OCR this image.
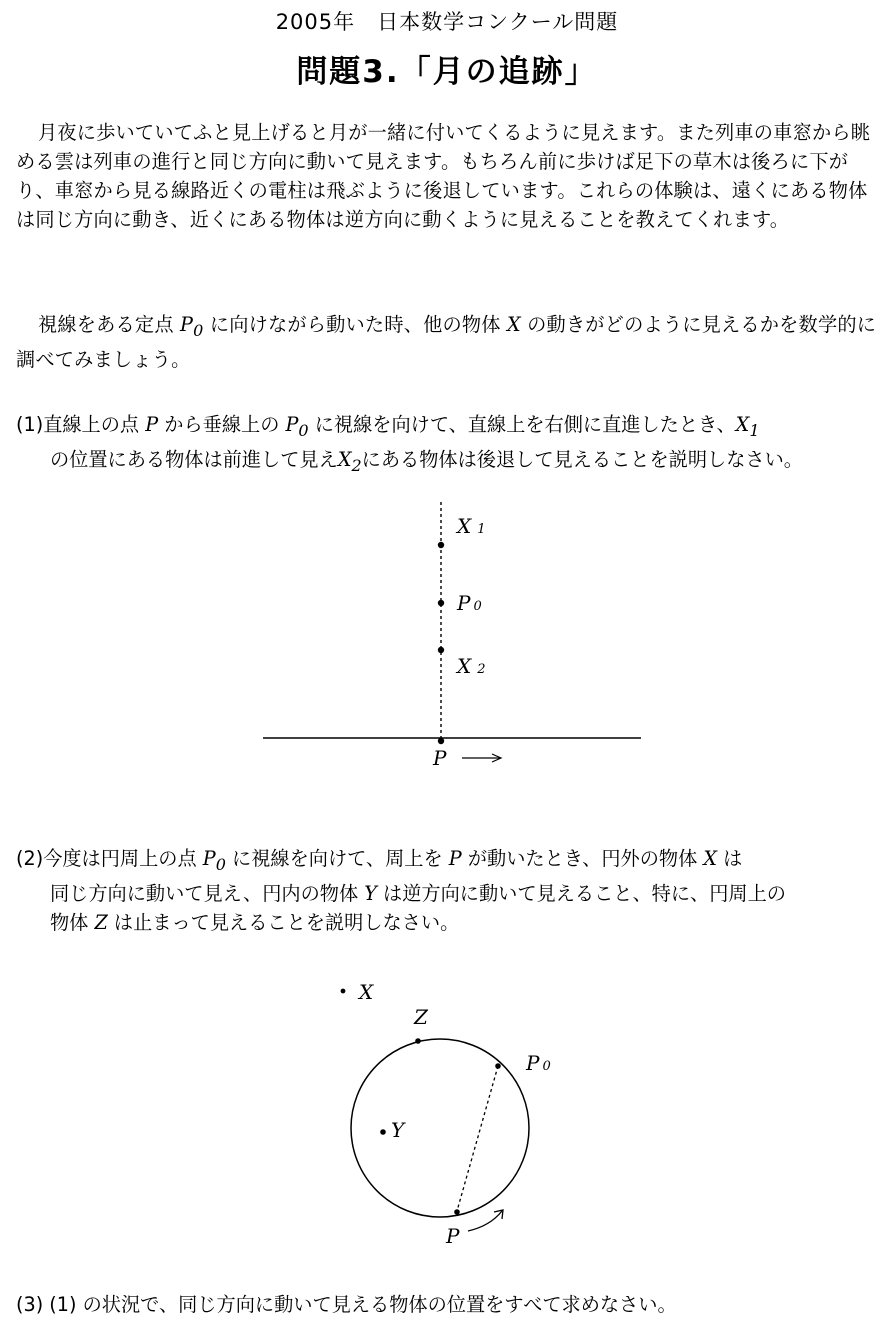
2005年　日本数学コンクール問題
問題3.「月の追跡」

月夜に歩いていてふと見上げると月が一緒に付いてくるように見えます。また列車の車窓から眺める雲は列車の進行と同じ方向に動いて見えます。もちろん前に歩けば足下の草木は後ろに下がり、車窓から見る線路近くの電柱は飛ぶように後退しています。これらの体験は、遠くにある物体は同じ方向に動き、近くにある物体は逆方向に動くように見えることを教えてくれます。

視線をある定点 $P_0$ に向けながら動いた時、他の物体 X の動きがどのように見えるかを数学的に調べてみましょう。

(1)直線上の点 P から垂線上の $P_0$ に視線を向けて、直線上を右側に直進したとき、$X_1$
の位置にある物体は前進して見え$X_2$にある物体は後退して見えることを説明しなさい。
X 1
P 0
X 2
P
(2)今度は円周上の点 $P_0$ に視線を向けて、周上を P が動いたとき、円外の物体 X は
同じ方向に動いて見え、円内の物体 Y は逆方向に動いて見えること、特に、円周上の
物体 Z は止まって見えることを説明しなさい。
X
Z
P 0
Y
P
(3) (1) の状況で、同じ方向に動いて見える物体の位置をすべて求めなさい。
